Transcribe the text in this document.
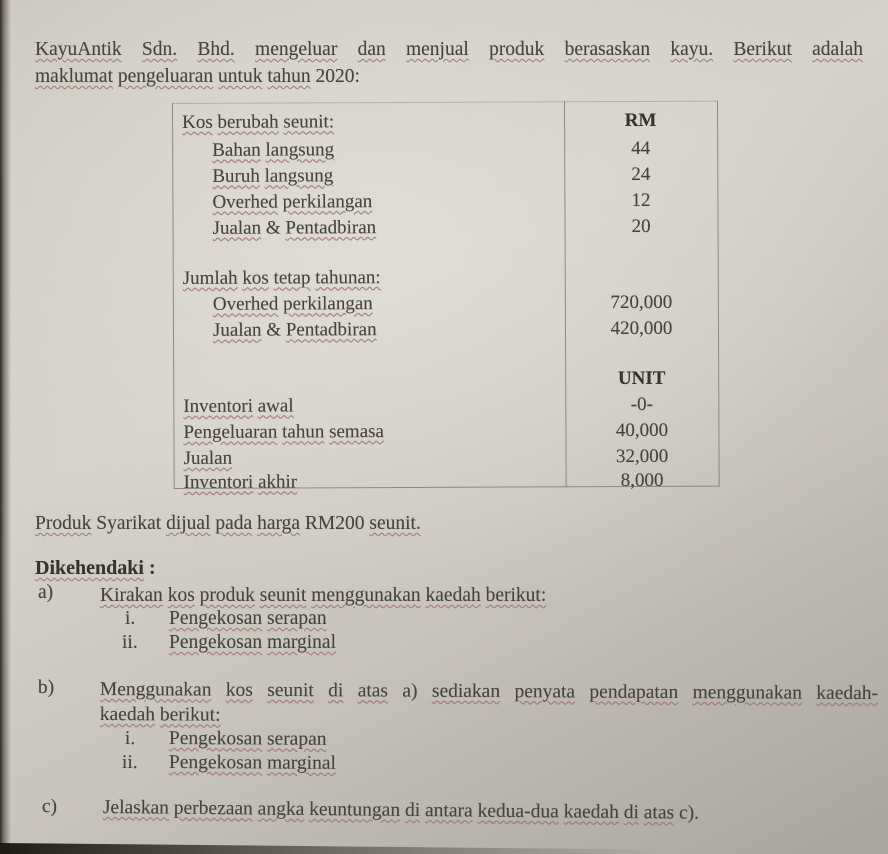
KayuAntik Sdn. Bhd. mengeluar dan menjual produk berasaskan kayu. Berikut adalah
maklumat pengeluaran untuk tahun 2020:
Kos berubah seunit:	RM
Bahan langsung	44
Buruh langsung	24
Overhed perkilangan	12
Jualan & Pentadbiran	20
Jumlah kos tetap tahunan:
Overhed perkilangan	720,000
Jualan & Pentadbiran	420,000
UNIT
Inventori awal	-0-
Pengeluaran tahun semasa	40,000
Jualan	32,000
Inventori akhir	8,000
Produk Syarikat dijual pada harga RM200 seunit.
Dikehendaki :
a) Kirakan kos produk seunit menggunakan kaedah berikut:
i. Pengekosan serapan
ii. Pengekosan marginal
b) Menggunakan kos seunit di atas a) sediakan penyata pendapatan menggunakan kaedah-
kaedah berikut:
i. Pengekosan serapan
ii. Pengekosan marginal
c) Jelaskan perbezaan angka keuntungan di antara kedua-dua kaedah di atas c).
